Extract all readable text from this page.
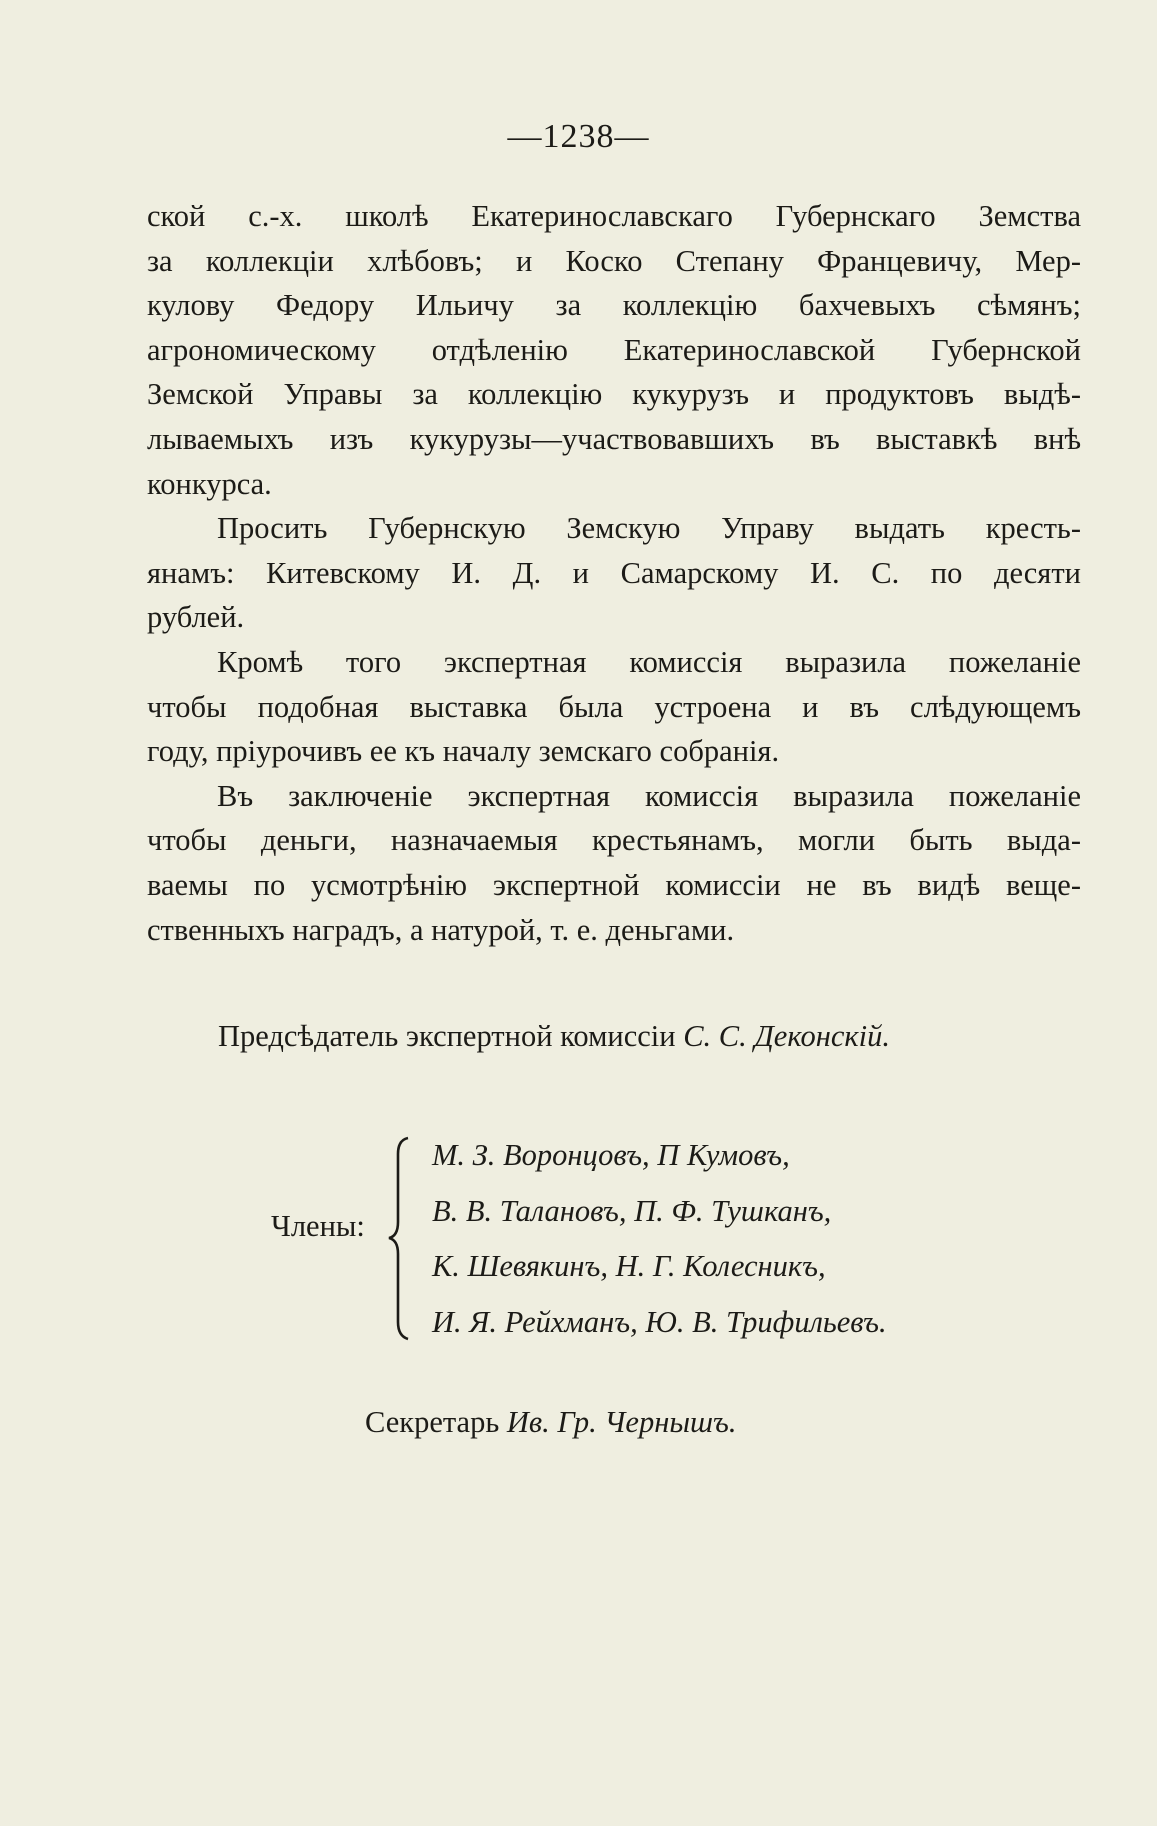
—1238—
ской с.-х. школѣ Екатеринославскаго Губернскаго Земства
за коллекціи хлѣбовъ; и Коско Степану Францевичу, Мер-
кулову Федору Ильичу за коллекцію бахчевыхъ сѣмянъ;
агрономическому отдѣленію Екатеринославской Губернской
Земской Управы за коллекцію кукурузъ и продуктовъ выдѣ-
лываемыхъ изъ кукурузы—участвовавшихъ въ выставкѣ внѣ
конкурса.
Просить Губернскую Земскую Управу выдать кресть-
янамъ: Китевскому И. Д. и Самарскому И. С. по десяти
рублей.
Кромѣ того экспертная комиссія выразила пожеланіе
чтобы подобная выставка была устроена и въ слѣдующемъ
году, пріурочивъ ее къ началу земскаго собранія.
Въ заключеніе экспертная комиссія выразила пожеланіе
чтобы деньги, назначаемыя крестьянамъ, могли быть выда-
ваемы по усмотрѣнію экспертной комиссіи не въ видѣ веще-
ственныхъ наградъ, а натурой, т. е. деньгами.
Предсѣдатель экспертной комиссіи С. С. Деконскій.
Члены:
М. З. Воронцовъ, П Кумовъ,
В. В. Талановъ, П. Ф. Тушканъ,
К. Шевякинъ, Н. Г. Колесникъ,
И. Я. Рейхманъ, Ю. В. Трифильевъ.
Секретарь Ив. Гр. Чернышъ.
